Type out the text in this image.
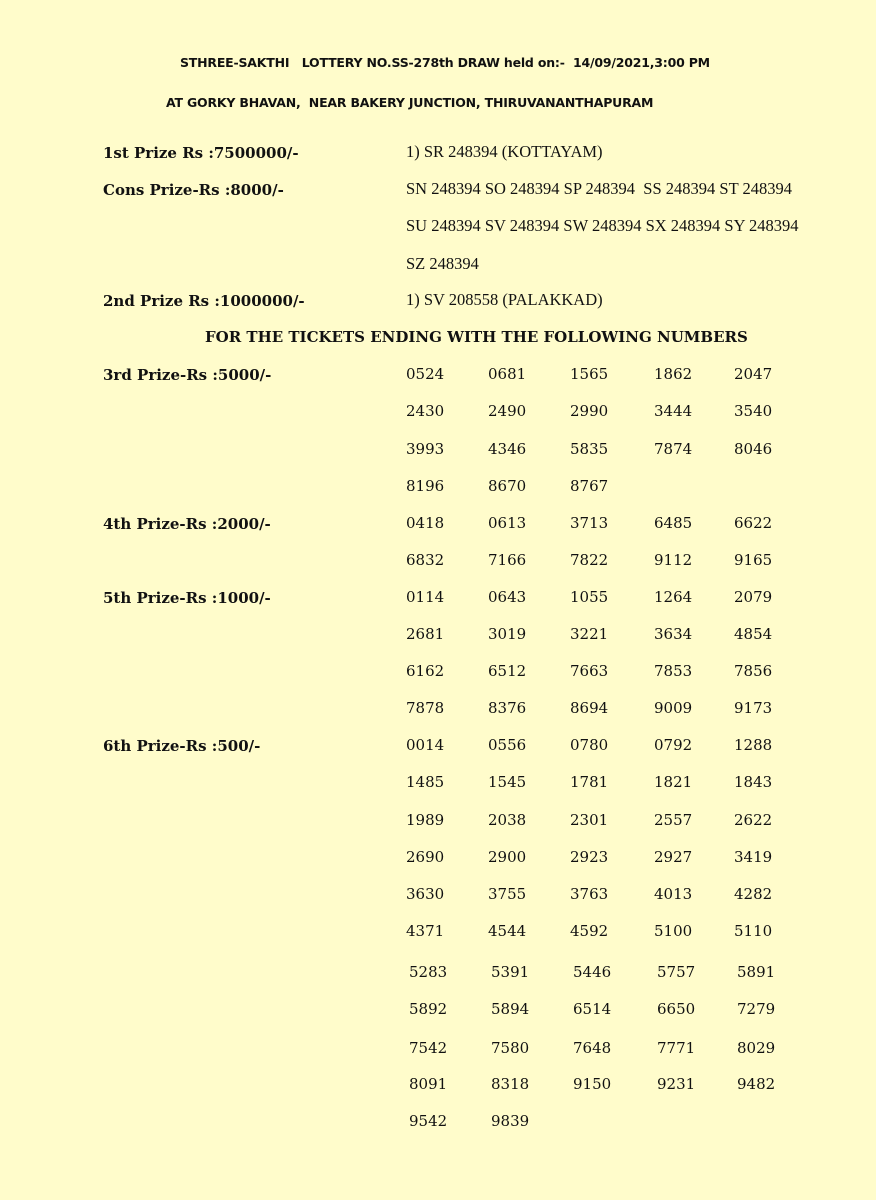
STHREE-SAKTHI   LOTTERY NO.SS-278th DRAW held on:-  14/09/2021,3:00 PM
AT GORKY BHAVAN,  NEAR BAKERY JUNCTION, THIRUVANANTHAPURAM
1st Prize Rs :7500000/-	1) SR 248394 (KOTTAYAM)
Cons Prize-Rs :8000/-	SN 248394 SO 248394 SP 248394  SS 248394 ST 248394
SU 248394 SV 248394 SW 248394 SX 248394 SY 248394
SZ 248394
2nd Prize Rs :1000000/-	1) SV 208558 (PALAKKAD)
FOR THE TICKETS ENDING WITH THE FOLLOWING NUMBERS
3rd Prize-Rs :5000/-	0524	0681	1565	1862	2047
2430	2490	2990	3444	3540
3993	4346	5835	7874	8046
8196	8670	8767
4th Prize-Rs :2000/-	0418	0613	3713	6485	6622
6832	7166	7822	9112	9165
5th Prize-Rs :1000/-	0114	0643	1055	1264	2079
2681	3019	3221	3634	4854
6162	6512	7663	7853	7856
7878	8376	8694	9009	9173
6th Prize-Rs :500/-	0014	0556	0780	0792	1288
1485	1545	1781	1821	1843
1989	2038	2301	2557	2622
2690	2900	2923	2927	3419
3630	3755	3763	4013	4282
4371	4544	4592	5100	5110
5283	5391	5446	5757	5891
5892	5894	6514	6650	7279
7542	7580	7648	7771	8029
8091	8318	9150	9231	9482
9542	9839
